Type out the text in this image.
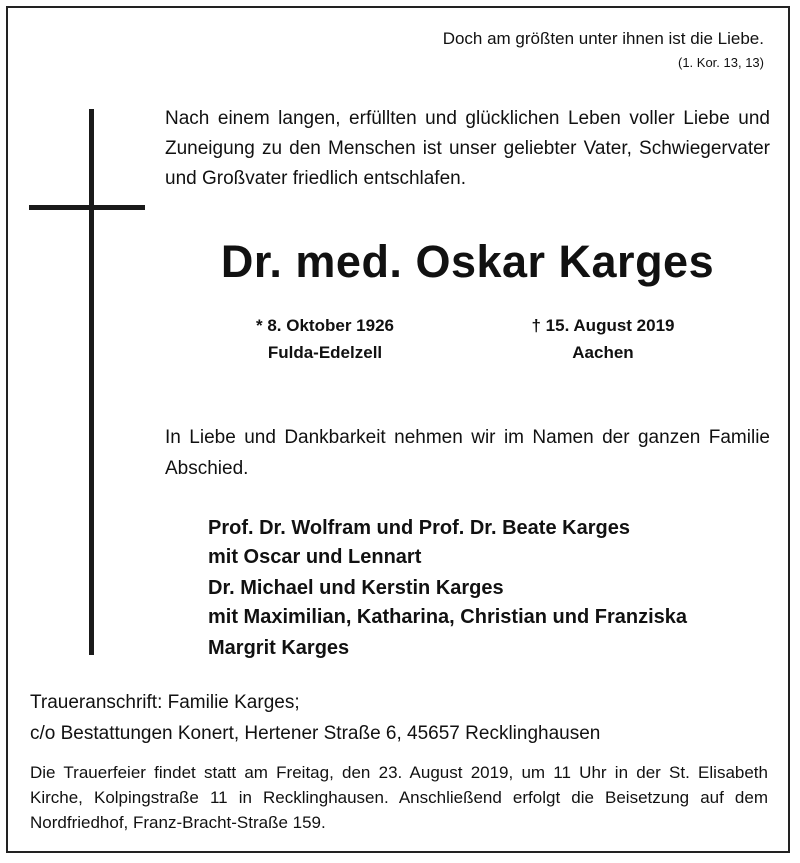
Doch am größten unter ihnen ist die Liebe.
(1. Kor. 13, 13)
Nach einem langen, erfüllten und glücklichen Leben voller Liebe und Zuneigung zu den Menschen ist unser geliebter Vater, Schwiegervater und Großvater friedlich entschlafen.
Dr. med. Oskar Karges
* 8. Oktober 1926
Fulda-Edelzell
† 15. August 2019
Aachen
In Liebe und Dankbarkeit nehmen wir im Namen der ganzen Familie Abschied.
Prof. Dr. Wolfram und Prof. Dr. Beate Karges
mit Oscar und Lennart
Dr. Michael und Kerstin Karges
mit Maximilian, Katharina, Christian und Franziska
Margrit Karges
Traueranschrift: Familie Karges;
c/o Bestattungen Konert, Hertener Straße 6, 45657 Recklinghausen
Die Trauerfeier findet statt am Freitag, den 23. August 2019, um 11 Uhr in der St. Elisabeth Kirche, Kolpingstraße 11 in Recklinghausen. Anschließend erfolgt die Beisetzung auf dem Nordfriedhof, Franz-Bracht-Straße 159.
